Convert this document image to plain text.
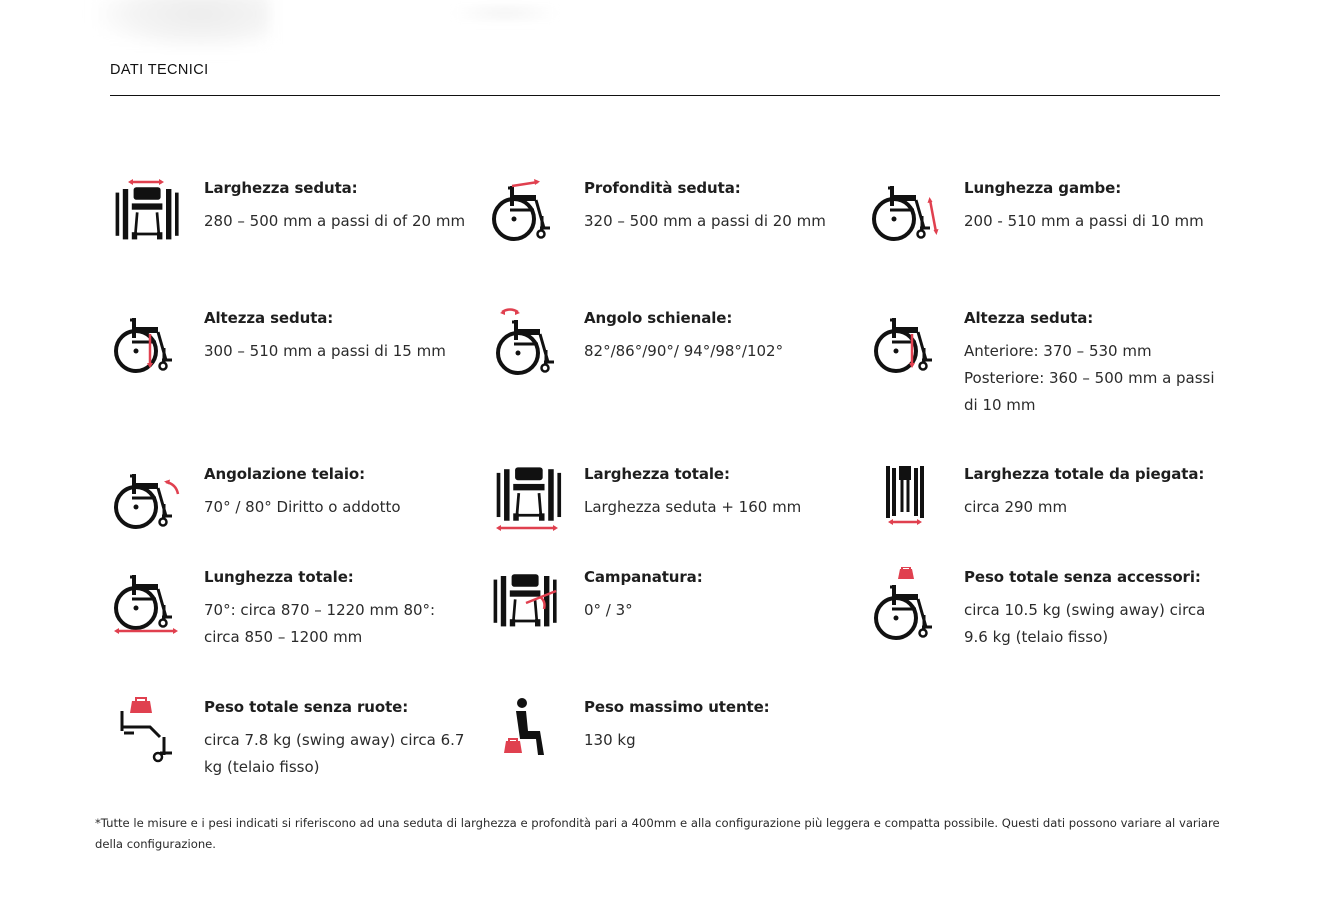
DATI TECNICI
Larghezza seduta:
280 – 500 mm a passi di of 20 mm
Profondità seduta:
320 – 500 mm a passi di 20 mm
Lunghezza gambe:
200 - 510 mm a passi di 10 mm
Altezza seduta:
300 – 510 mm a passi di 15 mm
Angolo schienale:
82°/86°/90°/ 94°/98°/102°
Altezza seduta:
Anteriore: 370 – 530 mm
Posteriore: 360 – 500 mm a passi di 10 mm
Angolazione telaio:
70° / 80° Diritto o addotto
Larghezza totale:
Larghezza seduta + 160 mm
Larghezza totale da piegata:
circa 290 mm
Lunghezza totale:
70°: circa 870 – 1220 mm 80°: circa 850 – 1200 mm
Campanatura:
0° / 3°
Peso totale senza accessori:
circa 10.5 kg (swing away) circa 9.6 kg (telaio fisso)
Peso totale senza ruote:
circa 7.8 kg (swing away) circa 6.7 kg (telaio fisso)
Peso massimo utente:
130 kg
*Tutte le misure e i pesi indicati si riferiscono ad una seduta di larghezza e profondità pari a 400mm e alla configurazione più leggera e compatta possibile. Questi dati possono variare al variare della configurazione.
